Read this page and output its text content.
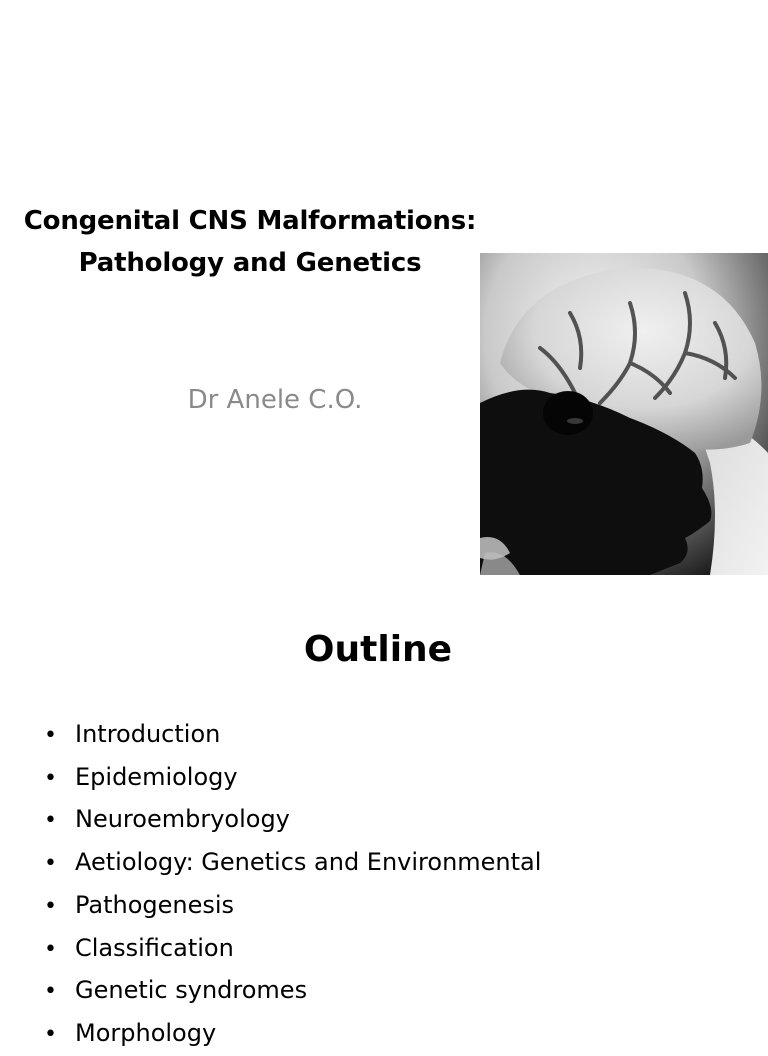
Congenital CNS Malformations:
Pathology and Genetics
Dr Anele C.O.
Outline
• Introduction
• Epidemiology
• Neuroembryology
• Aetiology: Genetics and Environmental
• Pathogenesis
• Classification
• Genetic syndromes
• Morphology
